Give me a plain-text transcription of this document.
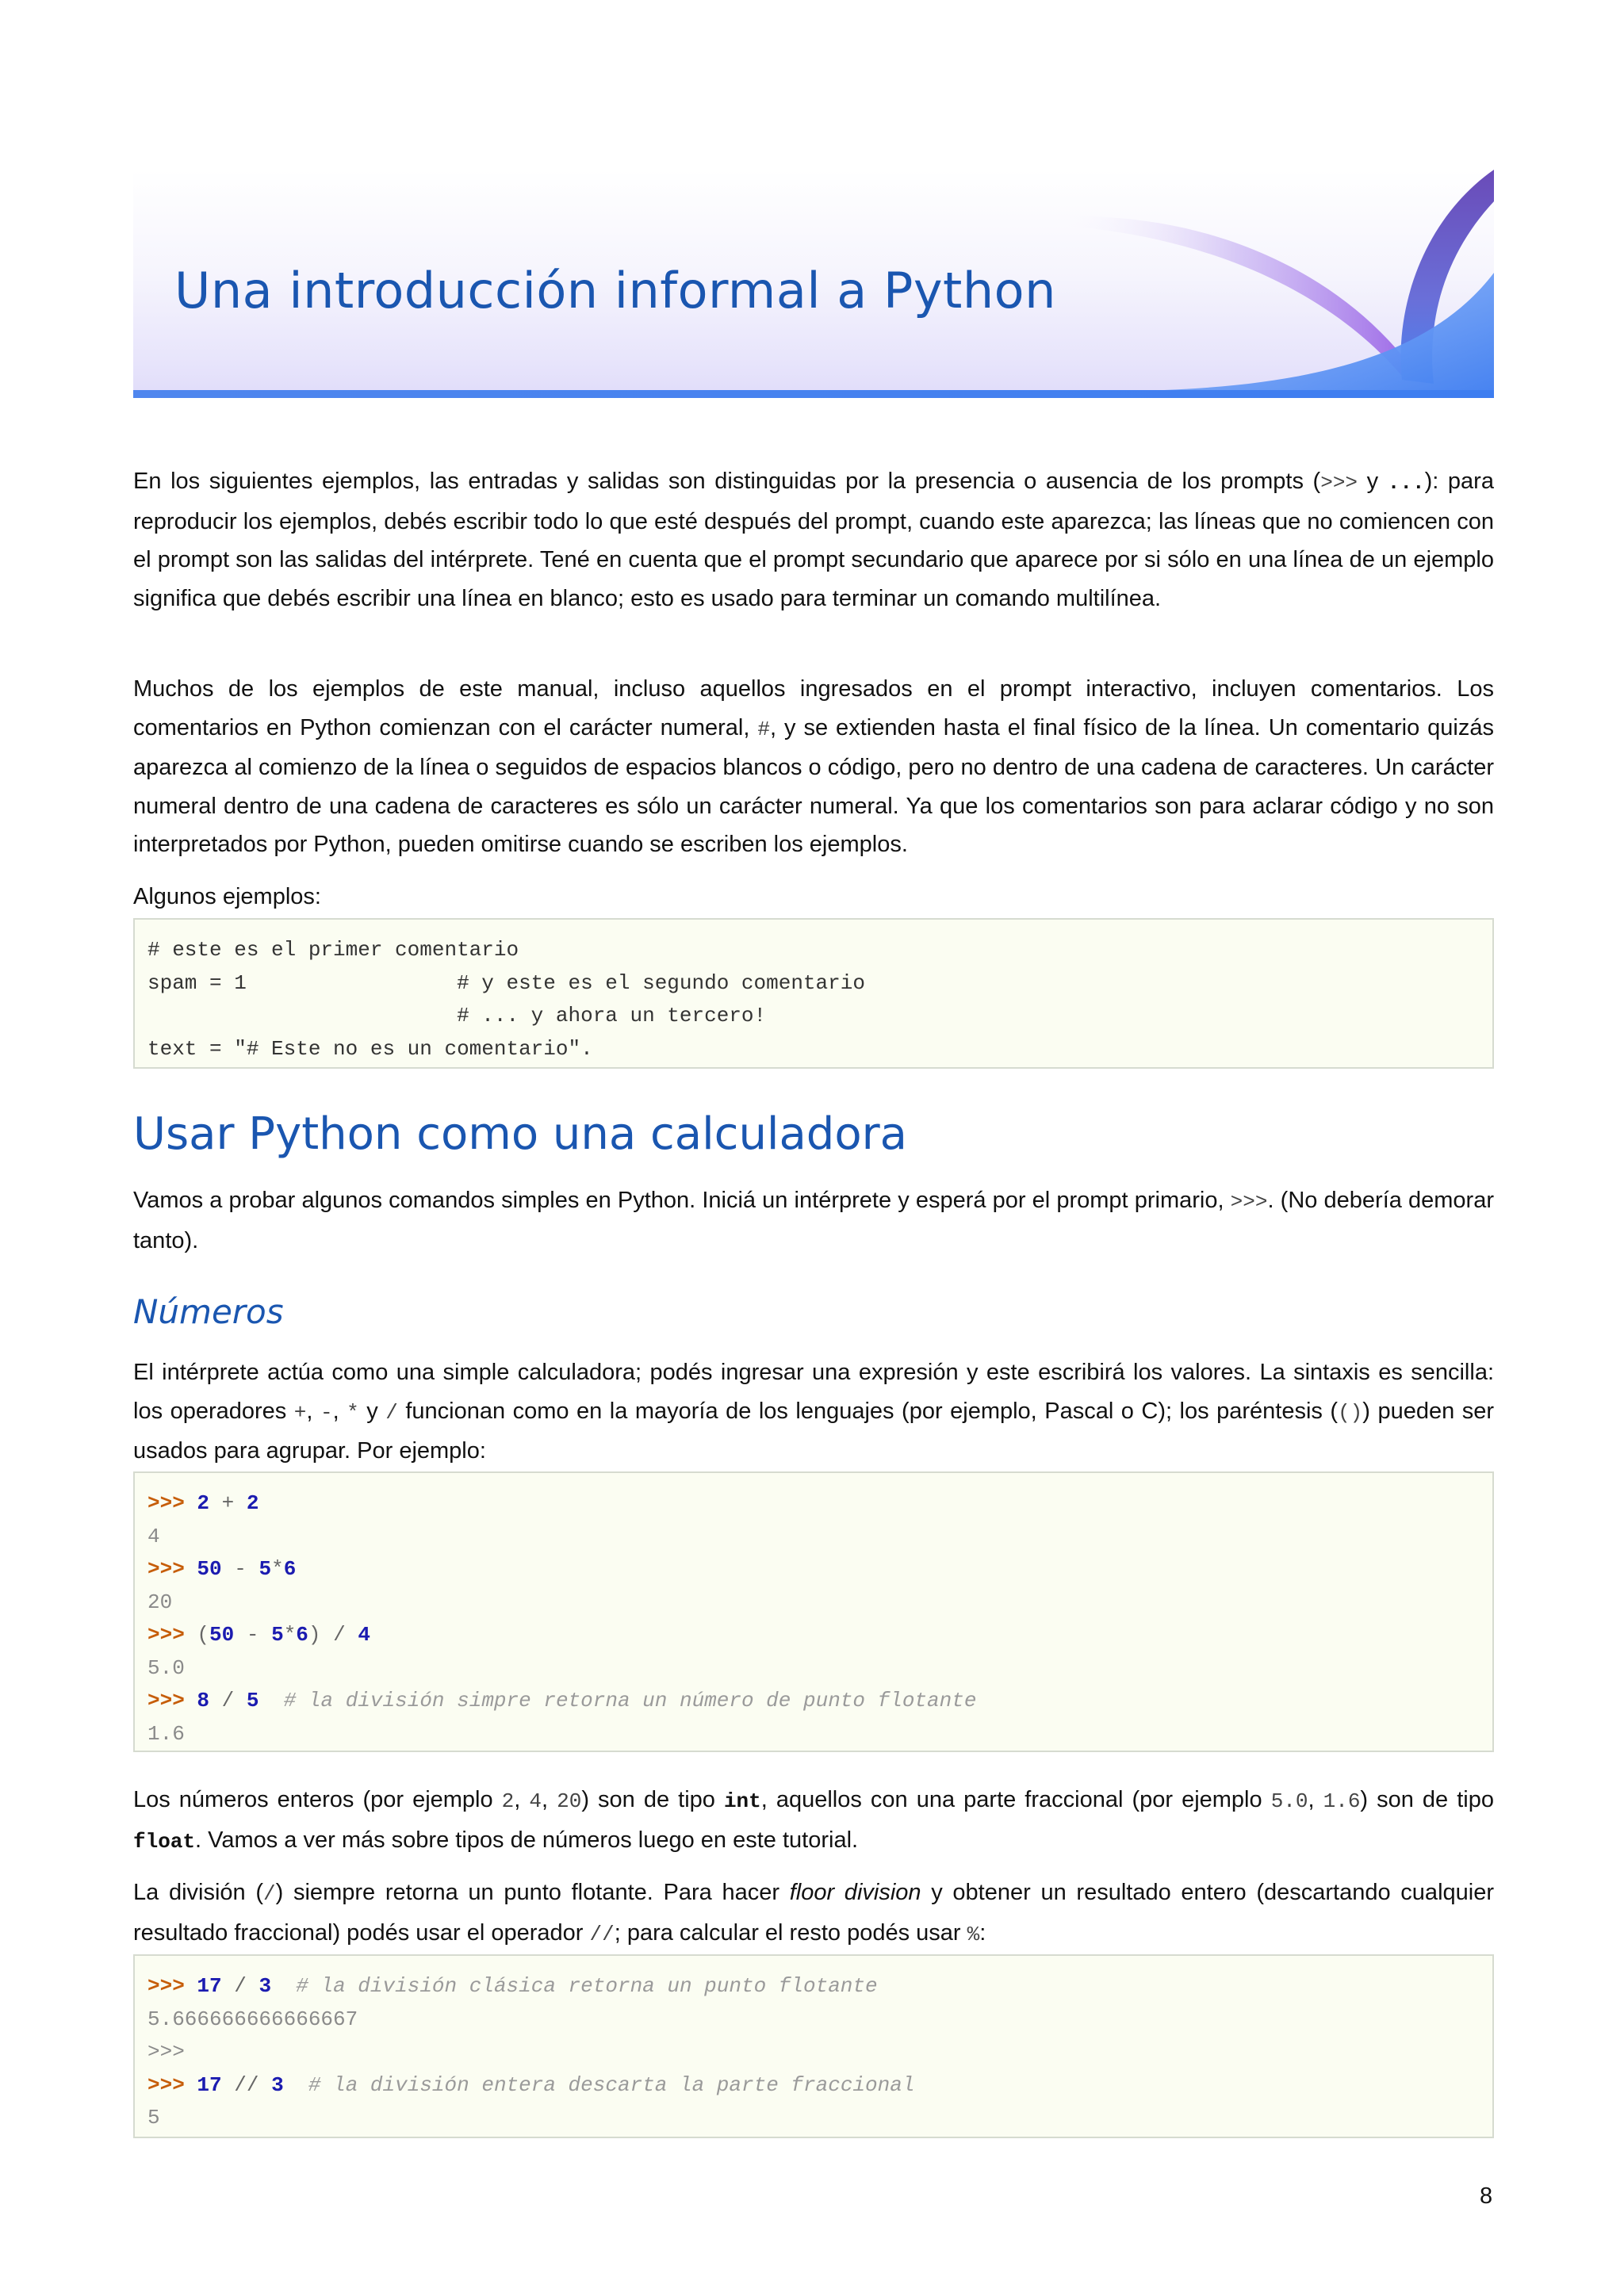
Una introducción informal a Python

En los siguientes ejemplos, las entradas y salidas son distinguidas por la presencia o ausencia de los prompts (>>> y ...): para reproducir los ejemplos, debés escribir todo lo que esté después del prompt, cuando este aparezca; las líneas que no comiencen con el prompt son las salidas del intérprete. Tené en cuenta que el prompt secundario que aparece por si sólo en una línea de un ejemplo significa que debés escribir una línea en blanco; esto es usado para terminar un comando multilínea.

Muchos de los ejemplos de este manual, incluso aquellos ingresados en el prompt interactivo, incluyen comentarios. Los comentarios en Python comienzan con el carácter numeral, #, y se extienden hasta el final físico de la línea. Un comentario quizás aparezca al comienzo de la línea o seguidos de espacios blancos o código, pero no dentro de una cadena de caracteres. Un carácter numeral dentro de una cadena de caracteres es sólo un carácter numeral. Ya que los comentarios son para aclarar código y no son interpretados por Python, pueden omitirse cuando se escriben los ejemplos.

Algunos ejemplos:

# este es el primer comentario
spam = 1                 # y este es el segundo comentario
# ... y ahora un tercero!
text = "# Este no es un comentario".
Usar Python como una calculadora

Vamos a probar algunos comandos simples en Python. Iniciá un intérprete y esperá por el prompt primario, >>>. (No debería demorar tanto).

Números

El intérprete actúa como una simple calculadora; podés ingresar una expresión y este escribirá los valores. La sintaxis es sencilla: los operadores +, -, * y / funcionan como en la mayoría de los lenguajes (por ejemplo, Pascal o C); los paréntesis (()) pueden ser usados para agrupar. Por ejemplo:

>>> 2 + 2
4
>>> 50 - 5*6
20
>>> (50 - 5*6) / 4
5.0
>>> 8 / 5 # la división simpre retorna un número de punto flotante
1.6

Los números enteros (por ejemplo 2, 4, 20) son de tipo int, aquellos con una parte fraccional (por ejemplo 5.0, 1.6) son de tipo float. Vamos a ver más sobre tipos de números luego en este tutorial.

La división (/) siempre retorna un punto flotante. Para hacer floor division y obtener un resultado entero (descartando cualquier resultado fraccional) podés usar el operador //; para calcular el resto podés usar %:

>>> 17 / 3 # la división clásica retorna un punto flotante
5.666666666666667
>>>
>>> 17 // 3 # la división entera descarta la parte fraccional
5
8
